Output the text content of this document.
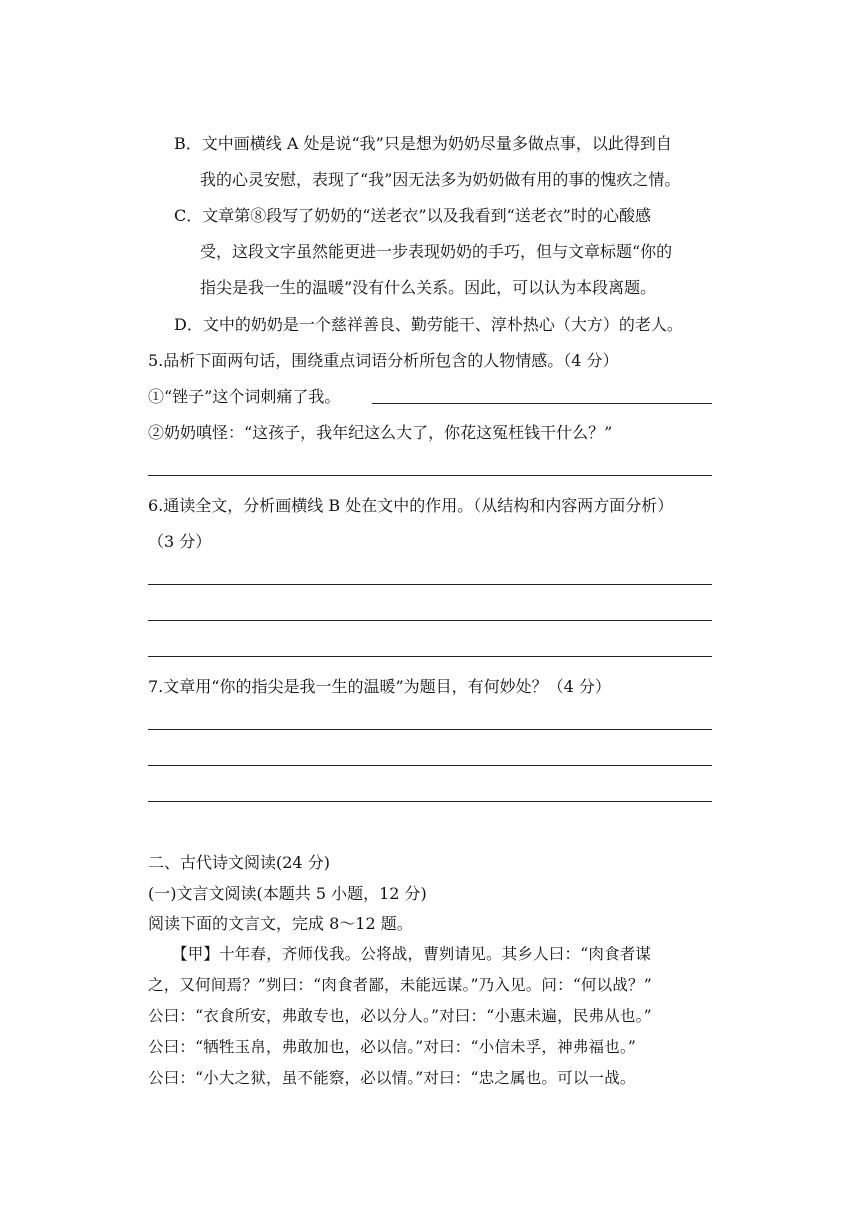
B．文中画横线 A 处是说“我”只是想为奶奶尽量多做点事，以此得到自
我的心灵安慰，表现了“我”因无法多为奶奶做有用的事的愧疚之情。
C．文章第⑧段写了奶奶的“送老衣”以及我看到“送老衣”时的心酸感
受，这段文字虽然能更进一步表现奶奶的手巧，但与文章标题“你的
指尖是我一生的温暖”没有什么关系。因此，可以认为本段离题。
D．文中的奶奶是一个慈祥善良、勤劳能干、淳朴热心（大方）的老人。
5.品析下面两句话，围绕重点词语分析所包含的人物情感。（4 分）
①“锉子”这个词刺痛了我。
②奶奶嗔怪：“这孩子，我年纪这么大了，你花这冤枉钱干什么？”
6.通读全文，分析画横线 B 处在文中的作用。（从结构和内容两方面分析）
（3 分）
7.文章用“你的指尖是我一生的温暖”为题目，有何妙处？（4 分）
二、古代诗文阅读(24 分)
(一)文言文阅读(本题共 5 小题，12 分)
阅读下面的文言文，完成 8～12 题。
【甲】十年春，齐师伐我。公将战，曹刿请见。其乡人曰：“肉食者谋
之，又何间焉？”刿曰：“肉食者鄙，未能远谋。”乃入见。问：“何以战？”
公曰：“衣食所安，弗敢专也，必以分人。”对曰：“小惠未遍，民弗从也。”
公曰：“牺牲玉帛，弗敢加也，必以信。”对曰：“小信未孚，神弗福也。”
公曰：“小大之狱，虽不能察，必以情。”对曰：“忠之属也。可以一战。
